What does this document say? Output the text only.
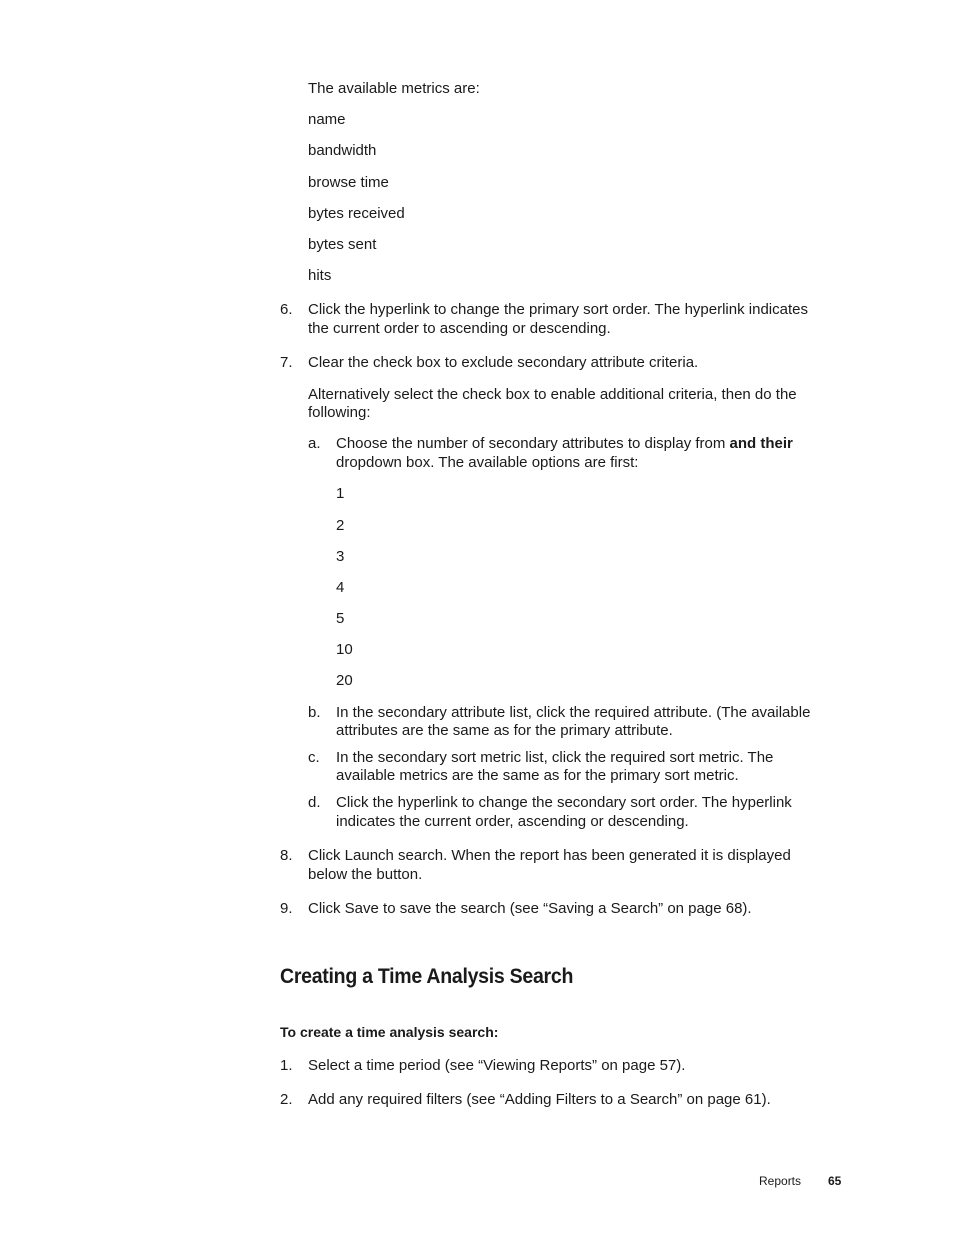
The available metrics are:
name
bandwidth
browse time
bytes received
bytes sent
hits
6. Click the hyperlink to change the primary sort order. The hyperlink indicates
the current order to ascending or descending.
7. Clear the check box to exclude secondary attribute criteria.
Alternatively select the check box to enable additional criteria, then do the
following:
a. Choose the number of secondary attributes to display from and their
dropdown box. The available options are first:
1
2
3
4
5
10
20
b. In the secondary attribute list, click the required attribute. (The available
attributes are the same as for the primary attribute.
c. In the secondary sort metric list, click the required sort metric. The
available metrics are the same as for the primary sort metric.
d. Click the hyperlink to change the secondary sort order. The hyperlink
indicates the current order, ascending or descending.
8. Click Launch search. When the report has been generated it is displayed
below the button.
9. Click Save to save the search (see “Saving a Search” on page 68).
Creating a Time Analysis Search
To create a time analysis search:
1. Select a time period (see “Viewing Reports” on page 57).
2. Add any required filters (see “Adding Filters to a Search” on page 61).
Reports 65
